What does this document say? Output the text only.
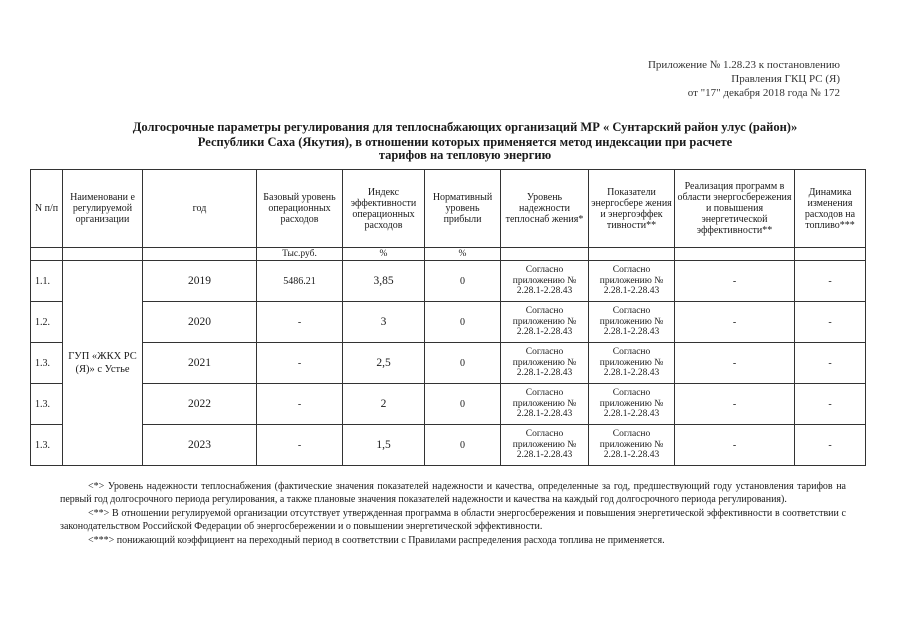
Приложение № 1.28.23 к постановлению
Правления ГКЦ РС (Я)
от "17" декабря 2018 года № 172
Долгосрочные параметры регулирования для теплоснабжающих организаций МР « Сунтарский район улус (район)»
Республики Саха (Якутия), в отношении которых применяется метод индексации при расчете
тарифов на тепловую энергию
N п/п	Наименовани е регулируемой организации	год	Базовый уровень операционных расходов	Индекс эффективности операционных расходов	Нормативный уровень прибыли	Уровень надежности теплоснаб жения*	Показатели энергосбере жения и энергоэффек тивности**	Реализация программ в области энергосбережения и повышения энергетической эффективности**	Динамика изменения расходов на топливо***
			Тыс.руб.	%	%				
1.1.	ГУП «ЖКХ РС (Я)» с Устье	2019	5486.21	3,85	0	Согласно приложению № 2.28.1-2.28.43	Согласно приложению № 2.28.1-2.28.43	-	-
1.2.		2020	-	3	0	Согласно приложению № 2.28.1-2.28.43	Согласно приложению № 2.28.1-2.28.43	-	-
1.3.		2021	-	2,5	0	Согласно приложению № 2.28.1-2.28.43	Согласно приложению № 2.28.1-2.28.43	-	-
1.3.		2022	-	2	0	Согласно приложению № 2.28.1-2.28.43	Согласно приложению № 2.28.1-2.28.43	-	-
1.3.		2023	-	1,5	0	Согласно приложению № 2.28.1-2.28.43	Согласно приложению № 2.28.1-2.28.43	-	-

<*> Уровень надежности теплоснабжения (фактические значения показателей надежности и качества, определенные за год, предшествующий году установления тарифов на первый год долгосрочного периода регулирования, а также плановые значения показателей надежности и качества на каждый год долгосрочного периода регулирования).

<**> В отношении регулируемой организации отсутствует утвержденная программа в области энергосбережения и повышения энергетической эффективности в соответствии с законодательством Российской Федерации об энергосбережении и о повышении энергетической эффективности.

<***> понижающий коэффициент на переходный период в соответствии с Правилами распределения расхода топлива не применяется.
